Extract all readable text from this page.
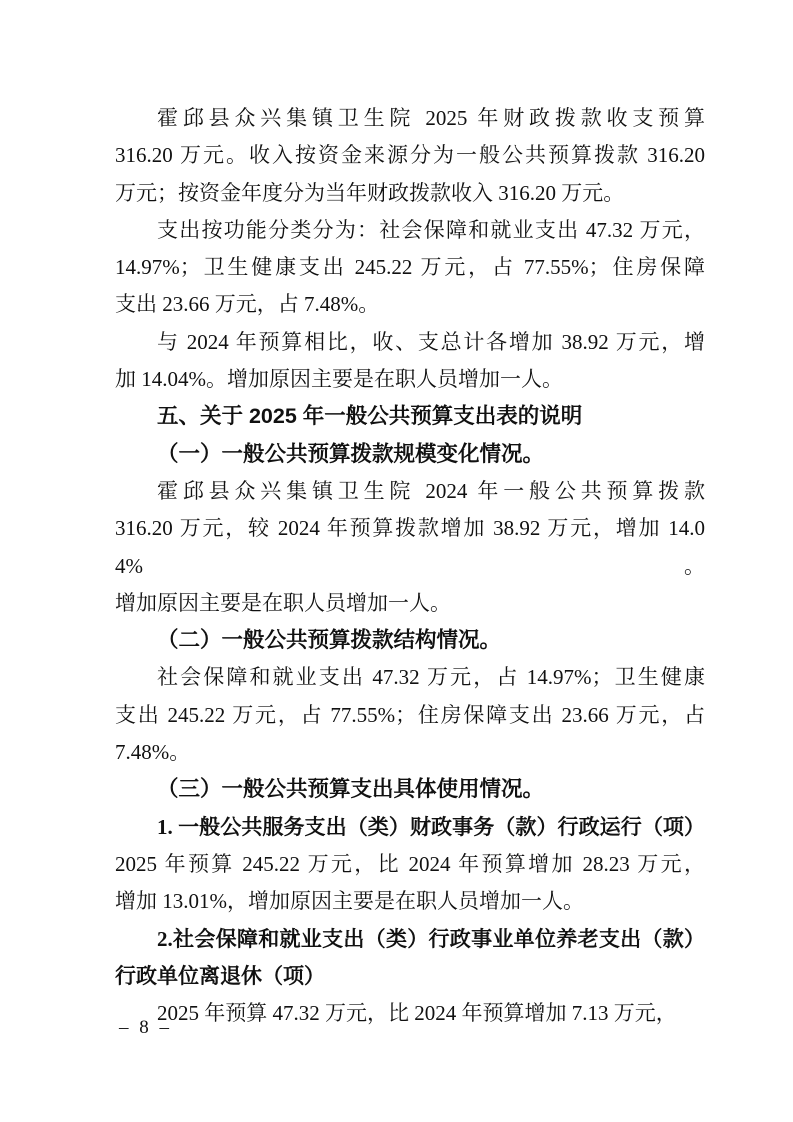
霍邱县众兴集镇卫生院 2025 年财政拨款收支预算
316.20 万元。收入按资金来源分为一般公共预算拨款 316.20
万元；按资金年度分为当年财政拨款收入 316.20 万元。
支出按功能分类分为：社会保障和就业支出 47.32 万元，
14.97%；卫生健康支出 245.22 万元，占 77.55%；住房保障
支出 23.66 万元，占 7.48%。
与 2024 年预算相比，收、支总计各增加 38.92 万元，增
加 14.04%。增加原因主要是在职人员增加一人。
五、关于 2025 年一般公共预算支出表的说明
（一）一般公共预算拨款规模变化情况。
霍邱县众兴集镇卫生院 2024 年一般公共预算拨款
316.20 万元，较 2024 年预算拨款增加 38.92 万元，增加 14.04%。
增加原因主要是在职人员增加一人。
（二）一般公共预算拨款结构情况。
社会保障和就业支出 47.32 万元，占 14.97%；卫生健康
支出 245.22 万元，占 77.55%；住房保障支出 23.66 万元，占
7.48%。
（三）一般公共预算支出具体使用情况。
1. 一般公共服务支出（类）财政事务（款）行政运行（项）
2025 年预算 245.22 万元，比 2024 年预算增加 28.23 万元，
增加 13.01%，增加原因主要是在职人员增加一人。
2.社会保障和就业支出（类）行政事业单位养老支出（款）
行政单位离退休（项）
2025 年预算 47.32 万元，比 2024 年预算增加 7.13 万元，
– 8 –
